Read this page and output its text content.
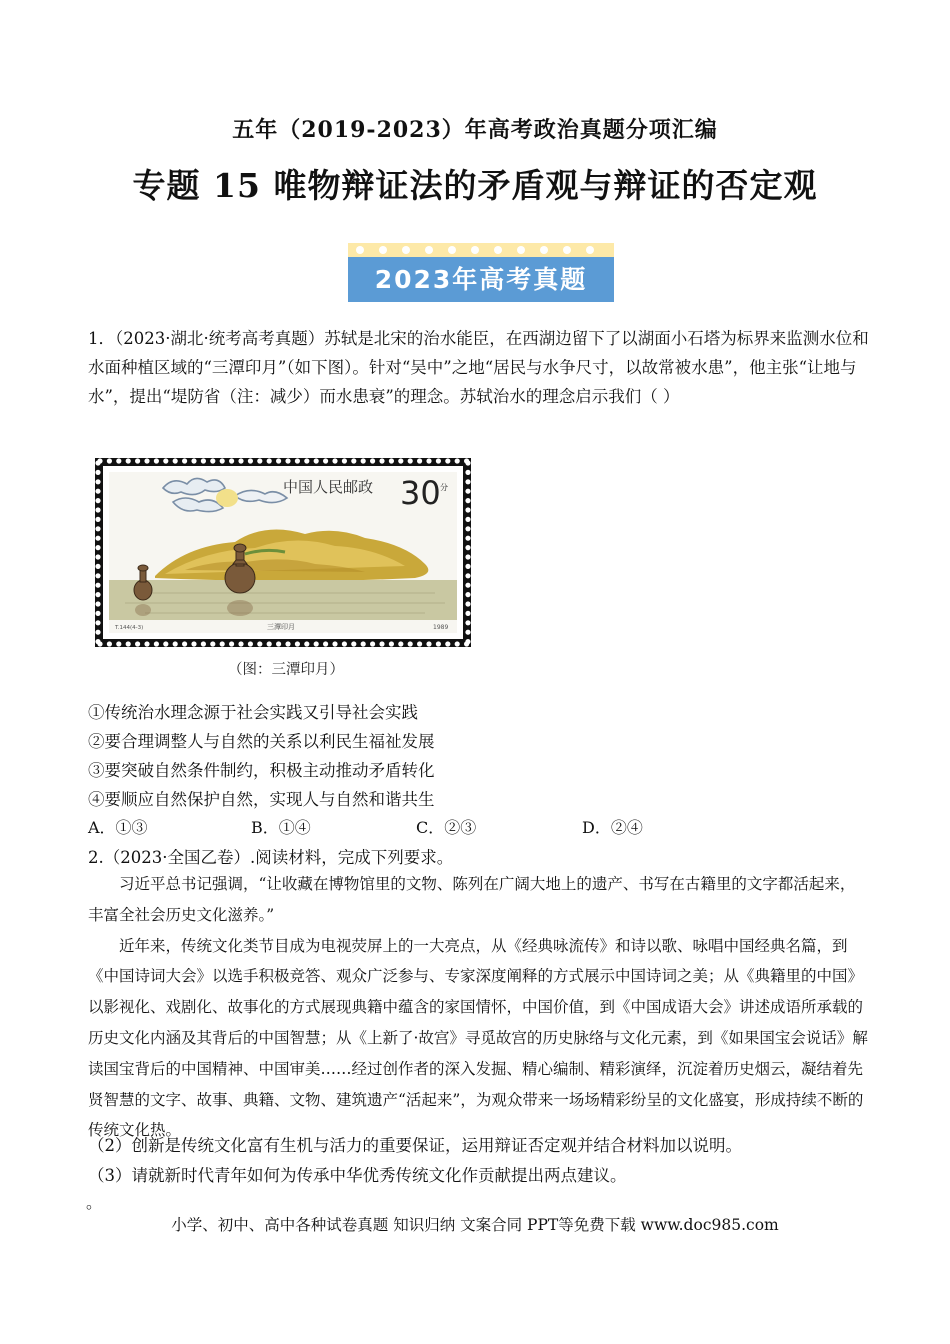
五年（2019-2023）年高考政治真题分项汇编
专题 15 唯物辩证法的矛盾观与辩证的否定观
2023年高考真题
1．（2023·湖北·统考高考真题）苏轼是北宋的治水能臣，在西湖边留下了以湖面小石塔为标界来监测水位和水面种植区域的“三潭印月”（如下图）。针对“吴中”之地“居民与水争尺寸，以故常被水患”，他主张“让地与水”，提出“堤防省（注：减少）而水患衰”的理念。苏轼治水的理念启示我们（ ）
中国人民邮政 30 分
T.144(4-3)	三潭印月	1989
（图：三潭印月）
①传统治水理念源于社会实践又引导社会实践
②要合理调整人与自然的关系以利民生福祉发展
③要突破自然条件制约，积极主动推动矛盾转化
④要顺应自然保护自然，实现人与自然和谐共生
A．①③	B．①④	C．②③	D．②④
2.（2023·全国乙卷）.阅读材料，完成下列要求。

习近平总书记强调，“让收藏在博物馆里的文物、陈列在广阔大地上的遗产、书写在古籍里的文字都活起来，丰富全社会历史文化滋养。”

近年来，传统文化类节目成为电视荧屏上的一大亮点，从《经典咏流传》和诗以歌、咏唱中国经典名篇，到《中国诗词大会》以选手积极竞答、观众广泛参与、专家深度阐释的方式展示中国诗词之美；从《典籍里的中国》以影视化、戏剧化、故事化的方式展现典籍中蕴含的家国情怀，中国价值，到《中国成语大会》讲述成语所承载的历史文化内涵及其背后的中国智慧；从《上新了·故宫》寻觅故宫的历史脉络与文化元素，到《如果国宝会说话》解读国宝背后的中国精神、中国审美……经过创作者的深入发掘、精心编制、精彩演绎，沉淀着历史烟云，凝结着先贤智慧的文字、故事、典籍、文物、建筑遗产“活起来”，为观众带来一场场精彩纷呈的文化盛宴，形成持续不断的传统文化热。

（2）创新是传统文化富有生机与活力的重要保证，运用辩证否定观并结合材料加以说明。
（3）请就新时代青年如何为传承中华优秀传统文化作贡献提出两点建议。
。
小学、初中、高中各种试卷真题 知识归纳 文案合同 PPT等免费下载 www.doc985.com
